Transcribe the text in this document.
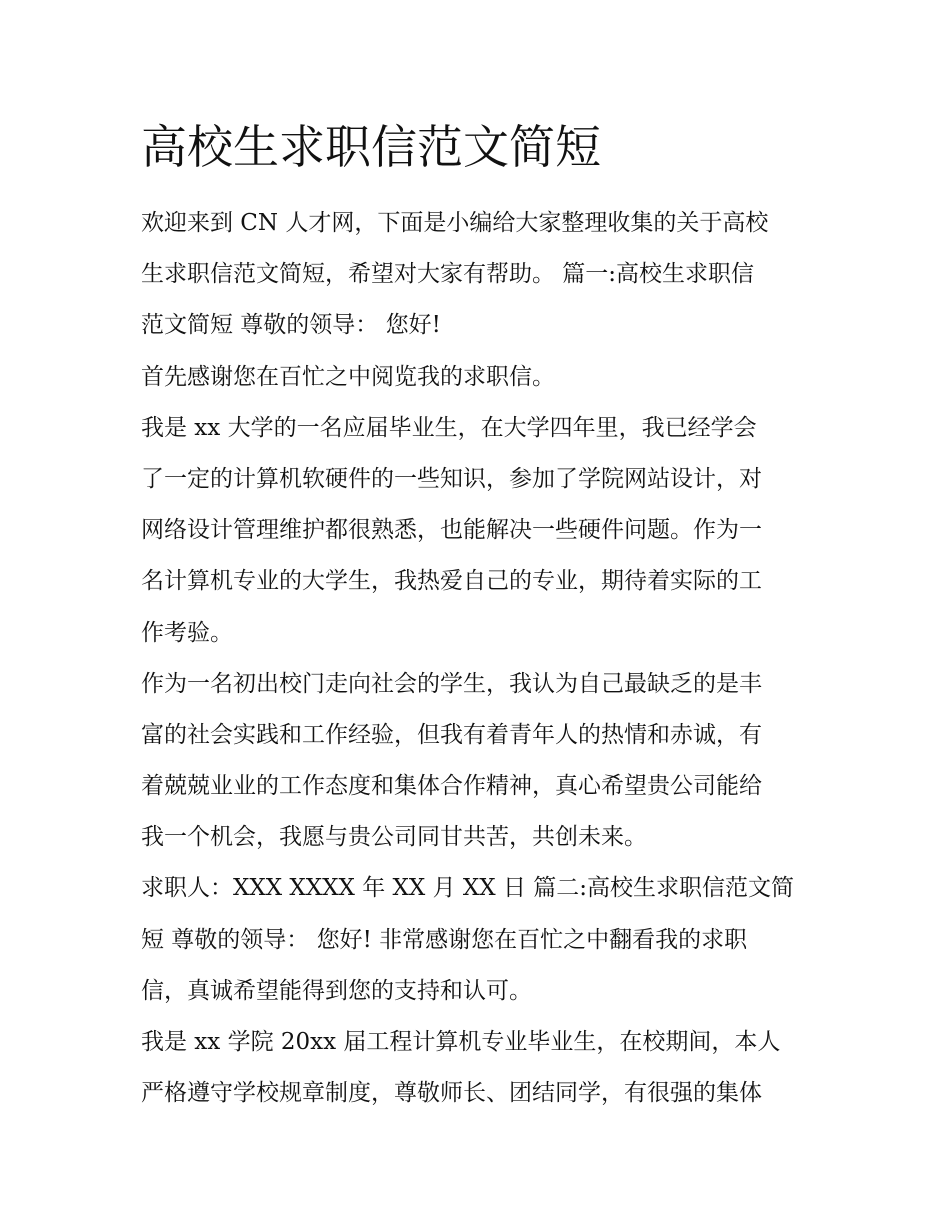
高校生求职信范文简短
欢迎来到 CN 人才网，下面是小编给大家整理收集的关于高校
生求职信范文简短，希望对大家有帮助。 篇一:高校生求职信
范文简短 尊敬的领导： 您好!
首先感谢您在百忙之中阅览我的求职信。
我是 xx 大学的一名应届毕业生，在大学四年里，我已经学会
了一定的计算机软硬件的一些知识，参加了学院网站设计，对
网络设计管理维护都很熟悉，也能解决一些硬件问题。作为一
名计算机专业的大学生，我热爱自己的专业，期待着实际的工
作考验。
作为一名初出校门走向社会的学生，我认为自己最缺乏的是丰
富的社会实践和工作经验，但我有着青年人的热情和赤诚，有
着兢兢业业的工作态度和集体合作精神，真心希望贵公司能给
我一个机会，我愿与贵公司同甘共苦，共创未来。
求职人：XXX XXXX 年 XX 月 XX 日 篇二:高校生求职信范文简
短 尊敬的领导： 您好! 非常感谢您在百忙之中翻看我的求职
信，真诚希望能得到您的支持和认可。
我是 xx 学院 20xx 届工程计算机专业毕业生，在校期间，本人
严格遵守学校规章制度，尊敬师长、团结同学，有很强的集体
